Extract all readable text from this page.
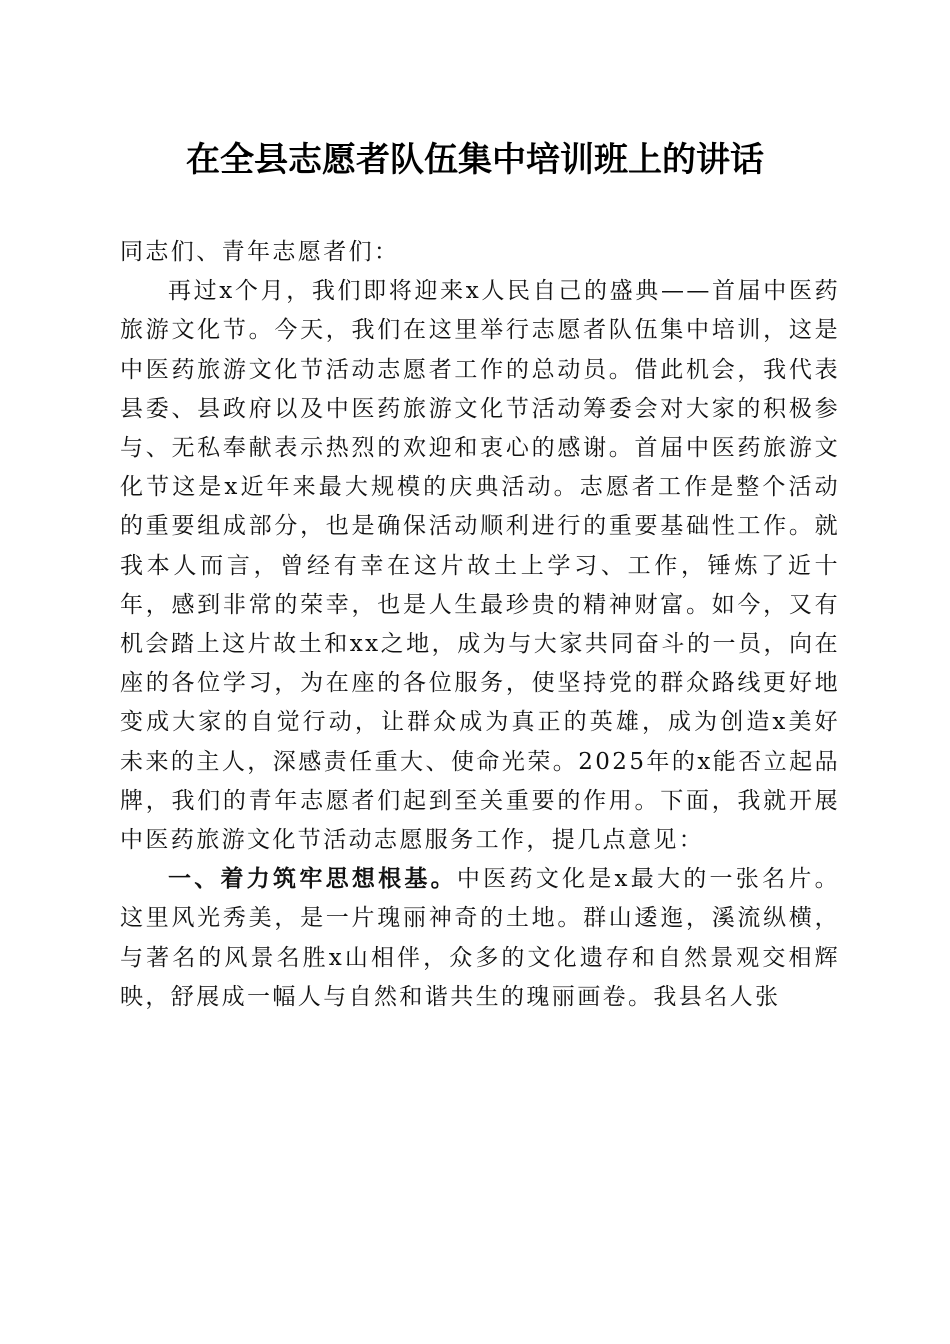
在全县志愿者队伍集中培训班上的讲话

同志们、青年志愿者们：

再过x个月，我们即将迎来x人民自己的盛典——首届中医药旅游文化节。今天，我们在这里举行志愿者队伍集中培训，这是中医药旅游文化节活动志愿者工作的总动员。借此机会，我代表县委、县政府以及中医药旅游文化节活动筹委会对大家的积极参与、无私奉献表示热烈的欢迎和衷心的感谢。首届中医药旅游文化节这是x近年来最大规模的庆典活动。志愿者工作是整个活动的重要组成部分，也是确保活动顺利进行的重要基础性工作。就我本人而言，曾经有幸在这片故土上学习、工作，锤炼了近十年，感到非常的荣幸，也是人生最珍贵的精神财富。如今，又有机会踏上这片故土和xx之地，成为与大家共同奋斗的一员，向在座的各位学习，为在座的各位服务，使坚持党的群众路线更好地变成大家的自觉行动，让群众成为真正的英雄，成为创造x美好未来的主人，深感责任重大、使命光荣。2025年的x能否立起品牌，我们的青年志愿者们起到至关重要的作用。下面，我就开展中医药旅游文化节活动志愿服务工作，提几点意见：

一、着力筑牢思想根基。中医药文化是x最大的一张名片。这里风光秀美，是一片瑰丽神奇的土地。群山逶迤，溪流纵横，与著名的风景名胜x山相伴，众多的文化遗存和自然景观交相辉映，舒展成一幅人与自然和谐共生的瑰丽画卷。我县名人张
